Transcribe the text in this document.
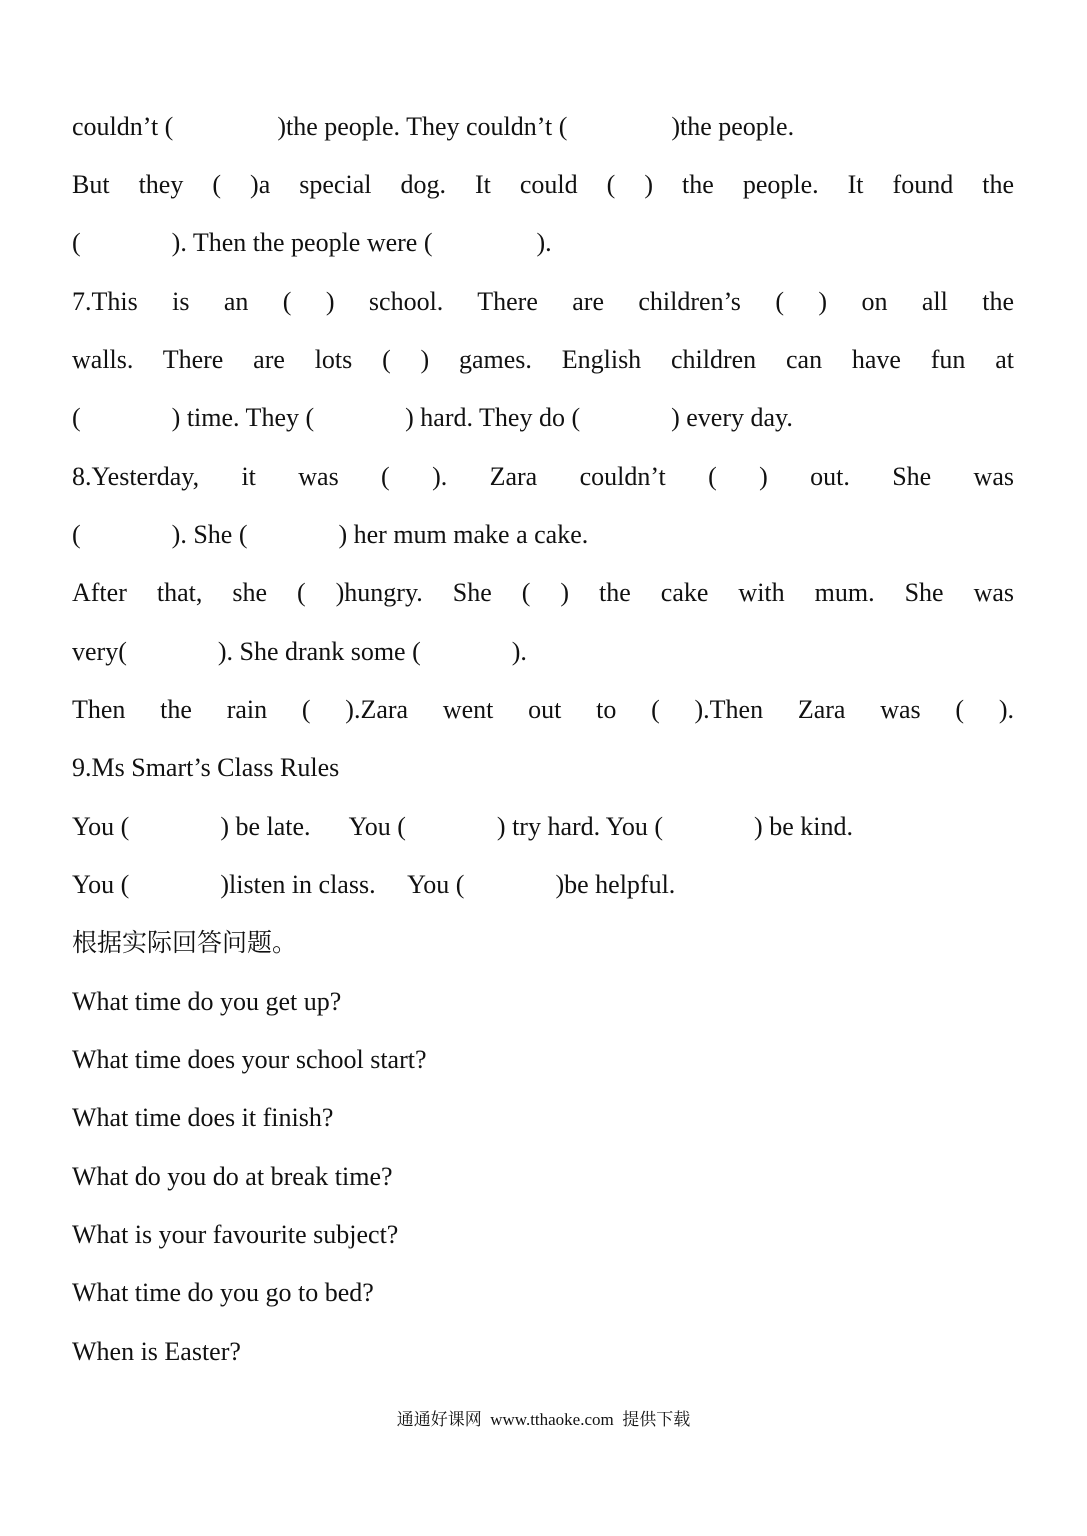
couldn’t (                )the people. They couldn’t (                )the people.
But they ( )a special dog. It could ( ) the people. It found the
(              ). Then the people were (                ).
7.This is an ( ) school. There are children’s ( ) on all the
walls. There are lots ( ) games. English children can have fun at
(              ) time. They (              ) hard. They do (              ) every day.
8.Yesterday, it was ( ). Zara couldn’t ( ) out. She was
(              ). She (              ) her mum make a cake.
After that, she ( )hungry. She ( ) the cake with mum. She was
very(              ). She drank some (              ).
Then the rain ( ).Zara went out to ( ).Then Zara was ( ).
9.Ms Smart’s Class Rules
You (              ) be late.      You (              ) try hard. You (              ) be kind.
You (              )listen in class.     You (              )be helpful.
根据实际回答问题。
What time do you get up?
What time does your school start?
What time does it finish?
What do you do at break time?
What is your favourite subject?
What time do you go to bed?
When is Easter?
通通好课网  www.tthaoke.com  提供下载
